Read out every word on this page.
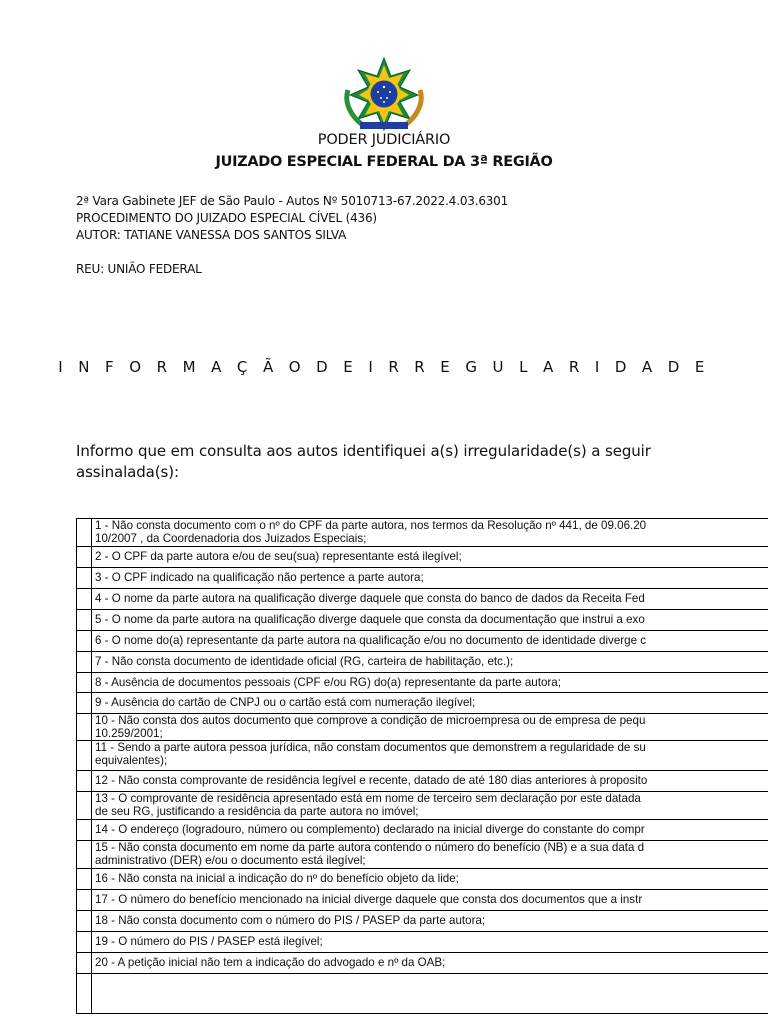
PODER JUDICIÁRIO
JUIZADO ESPECIAL FEDERAL DA 3ª REGIÃO
2ª Vara Gabinete JEF de São Paulo - Autos Nº 5010713-67.2022.4.03.6301
PROCEDIMENTO DO JUIZADO ESPECIAL CÍVEL (436)
AUTOR: TATIANE VANESSA DOS SANTOS SILVA
REU: UNIÃO FEDERAL
I N F O R M A Ç Ã O D E I R R E G U L A R I D A D E
Informo que em consulta aos autos identifiquei a(s) irregularidade(s) a seguir assinalada(s):

	1 - Não consta documento com o nº do CPF da parte autora, nos termos da Resolução nº 441, de 09.06.20
10/2007 , da Coordenadoria dos Juizados Especiais;

	2 - O CPF da parte autora e/ou de seu(sua) representante está ilegível;

	3 - O CPF indicado na qualificação não pertence a parte autora;

	4 - O nome da parte autora na qualificação diverge daquele que consta do banco de dados da Receita Fed

	5 - O nome da parte autora na qualificação diverge daquele que consta da documentação que instrui a exo

	6 - O nome do(a) representante da parte autora na qualificação e/ou no documento de identidade diverge c

	7 - Não consta documento de identidade oficial (RG, carteira de habilitação, etc.);

	8 - Ausência de documentos pessoais (CPF e/ou RG) do(a) representante da parte autora;

	9 - Ausência do cartão de CNPJ ou o cartão está com numeração ilegível;

	10 - Não consta dos autos documento que comprove a condição de microempresa ou de empresa de pequ
10.259/2001;

	11 - Sendo a parte autora pessoa jurídica, não constam documentos que demonstrem a regularidade de su
equivalentes);

	12 - Não consta comprovante de residência legível e recente, datado de até 180 dias anteriores à proposito

	13 - O comprovante de residência apresentado está em nome de terceiro sem declaração por este datada
de seu RG, justificando a residência da parte autora no imóvel;

	14 - O endereço (logradouro, número ou complemento) declarado na inicial diverge do constante do compr

	15 - Não consta documento em nome da parte autora contendo o número do benefício (NB) e a sua data d
administrativo (DER) e/ou o documento está ilegível;

	16 - Não consta na inicial a indicação do nº do benefício objeto da lide;

	17 - O número do benefício mencionado na inicial diverge daquele que consta dos documentos que a instr

	18 - Não consta documento com o número do PIS / PASEP da parte autora;

	19 - O número do PIS / PASEP está ilegível;

	20 - A petição inicial não tem a indicação do advogado e nº da OAB;
